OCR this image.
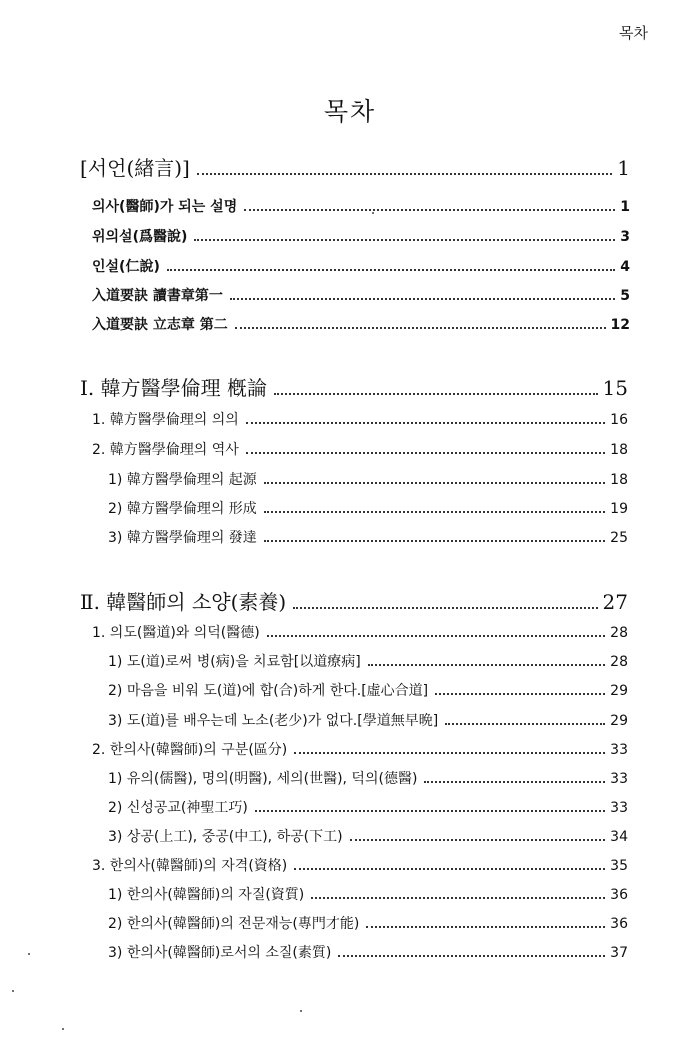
목차
목차
[서언(緖言)]	1
의사(醫師)가 되는 설명	1
위의설(爲醫說)	3
인설(仁說)	4
入道要訣 讀書章第一	5
入道要訣 立志章 第二	12
Ⅰ. 韓方醫學倫理 槪論	15
1. 韓方醫學倫理의 의의	16
2. 韓方醫學倫理의 역사	18
1) 韓方醫學倫理의 起源	18
2) 韓方醫學倫理의 形成	19
3) 韓方醫學倫理의 發達	25
Ⅱ. 韓醫師의 소양(素養)	27
1. 의도(醫道)와 의덕(醫德)	28
1) 도(道)로써 병(病)을 치료함[以道療病]	28
2) 마음을 비워 도(道)에 합(合)하게 한다.[虛心合道]	29
3) 도(道)를 배우는데 노소(老少)가 없다.[學道無早晩]	29
2. 한의사(韓醫師)의 구분(區分)	33
1) 유의(儒醫), 명의(明醫), 세의(世醫), 덕의(德醫)	33
2) 신성공교(神聖工巧)	33
3) 상공(上工), 중공(中工), 하공(下工)	34
3. 한의사(韓醫師)의 자격(資格)	35
1) 한의사(韓醫師)의 자질(資質)	36
2) 한의사(韓醫師)의 전문재능(專門才能)	36
3) 한의사(韓醫師)로서의 소질(素質)	37
